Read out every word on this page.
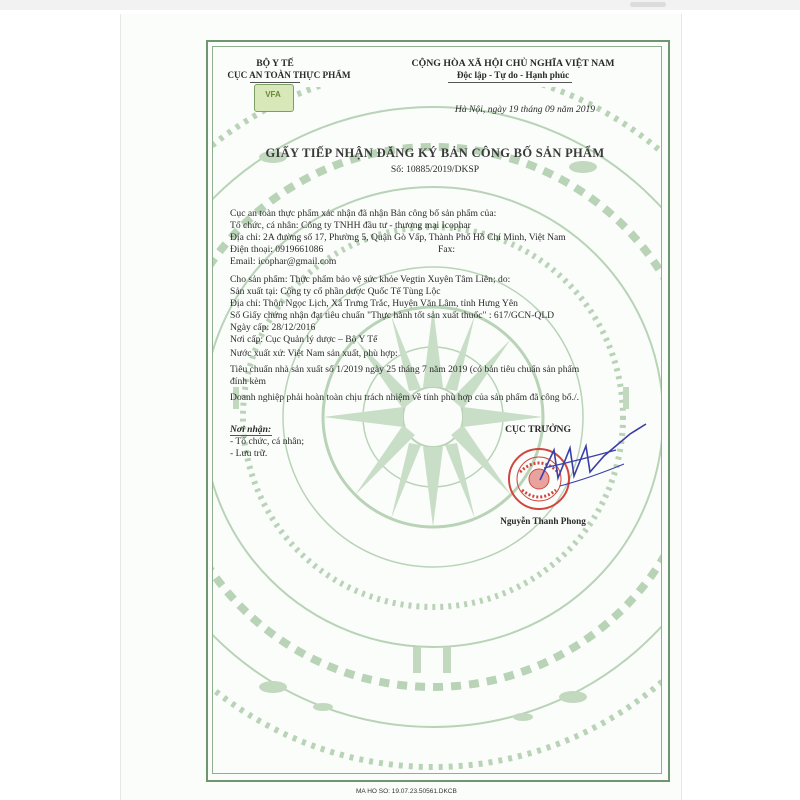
BỘ Y TẾ
CỤC AN TOÀN THỰC PHẨM
VFA
CỘNG HÒA XÃ HỘI CHỦ NGHĨA VIỆT NAM
Độc lập - Tự do - Hạnh phúc
Hà Nội, ngày 19 tháng 09 năm 2019
GIẤY TIẾP NHẬN ĐĂNG KÝ BẢN CÔNG BỐ SẢN PHẨM
Số: 10885/2019/DKSP
Cục an toàn thực phẩm xác nhận đã nhận Bản công bố sản phẩm của:
Tổ chức, cá nhân: Công ty TNHH đầu tư - thương mại Icophar
Địa chỉ: 2A đường số 17, Phường 5, Quận Gò Vấp, Thành Phố Hồ Chí Minh, Việt Nam
Điện thoại: 0919661086	Fax:
Email: icophar@gmail.com
Cho sản phẩm: Thực phẩm bảo vệ sức khỏe Vegtin Xuyên Tâm Liên; do:
Sản xuất tại: Công ty cổ phần dược Quốc Tế Tùng Lộc
Địa chỉ: Thôn Ngọc Lịch, Xã Trưng Trắc, Huyện Văn Lâm, tỉnh Hưng Yên
Số Giấy chứng nhận đạt tiêu chuẩn "Thực hành tốt sản xuất thuốc" : 617/GCN-QLD
Ngày cấp: 28/12/2016
Nơi cấp: Cục Quản lý dược – Bộ Y Tế
Nước xuất xứ: Việt Nam sản xuất, phù hợp:
Tiêu chuẩn nhà sản xuất số 1/2019 ngày 25 tháng 7 năm 2019 (có bản tiêu chuẩn sản phẩm
đính kèm
Doanh nghiệp phải hoàn toàn chịu trách nhiệm về tính phù hợp của sản phẩm đã công bố./.
Nơi nhận:
- Tổ chức, cá nhân;
- Lưu trữ.
CỤC TRƯỞNG
Nguyễn Thanh Phong
MA HO SO: 19.07.23.50561.DKCB
